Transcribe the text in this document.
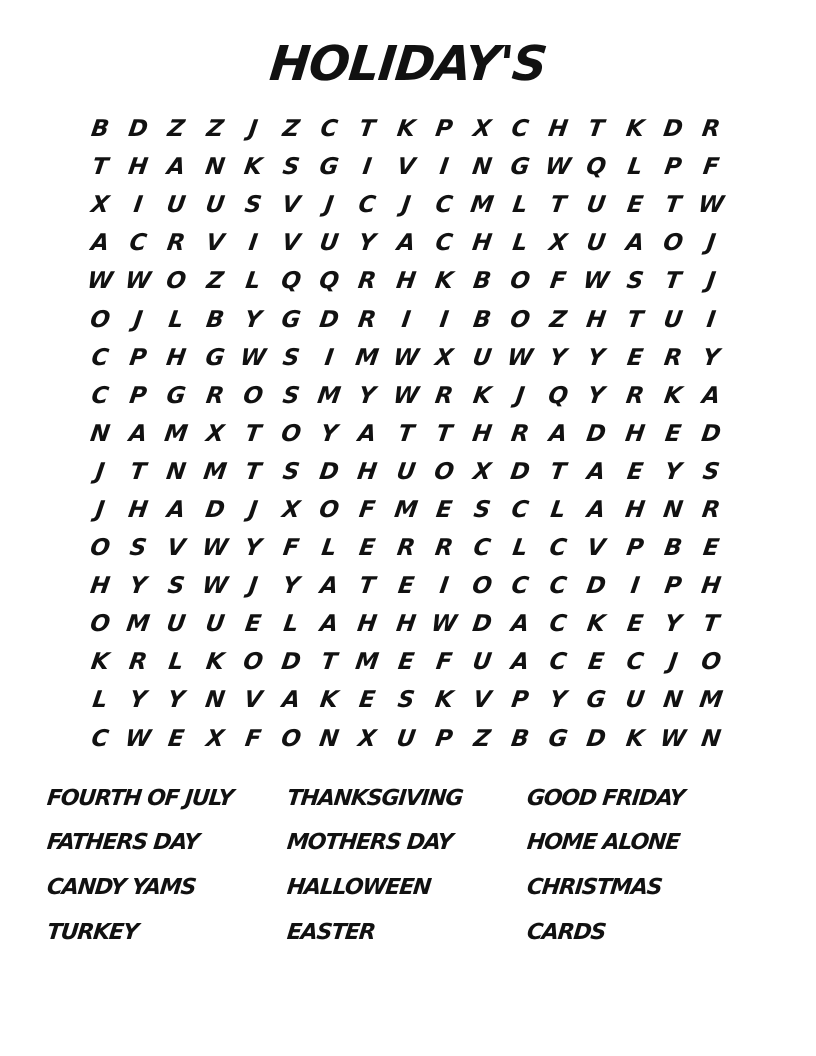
HOLIDAY'S
B D Z Z J Z C T K P X C H T K D R
T H A N K S G I V I N G W Q L P F
X I U U S V J C J C M L T U E T W
A C R V I V U Y A C H L X U A O J
W W O Z L Q Q R H K B O F W S T J
O J L B Y G D R I	I B O Z H T U I
C P H G W S I M W X U W Y Y E R Y
C P G R O S M Y W R K J Q Y R K A
N A M X T O Y A T T H R A D H E D
J T N M T S D H U O X D T A E Y S
J H A D J X O F M E S C L A H N R
O S V W Y F L E R R C L C V P B E
H Y S W J Y A T E I O C C D I P H
O M U U E L A H H W D A C K E Y T
K R L K O D T M E F U A C E C J O
L Y Y N V A K E S K V P Y G U N M
C W E X F O N X U P Z B G D K W N
FOURTH OF JULY	THANKSGIVING	GOOD FRIDAY
FATHERS DAY	MOTHERS DAY	HOME ALONE
CANDY YAMS	HALLOWEEN	CHRISTMAS
TURKEY	EASTER	CARDS
